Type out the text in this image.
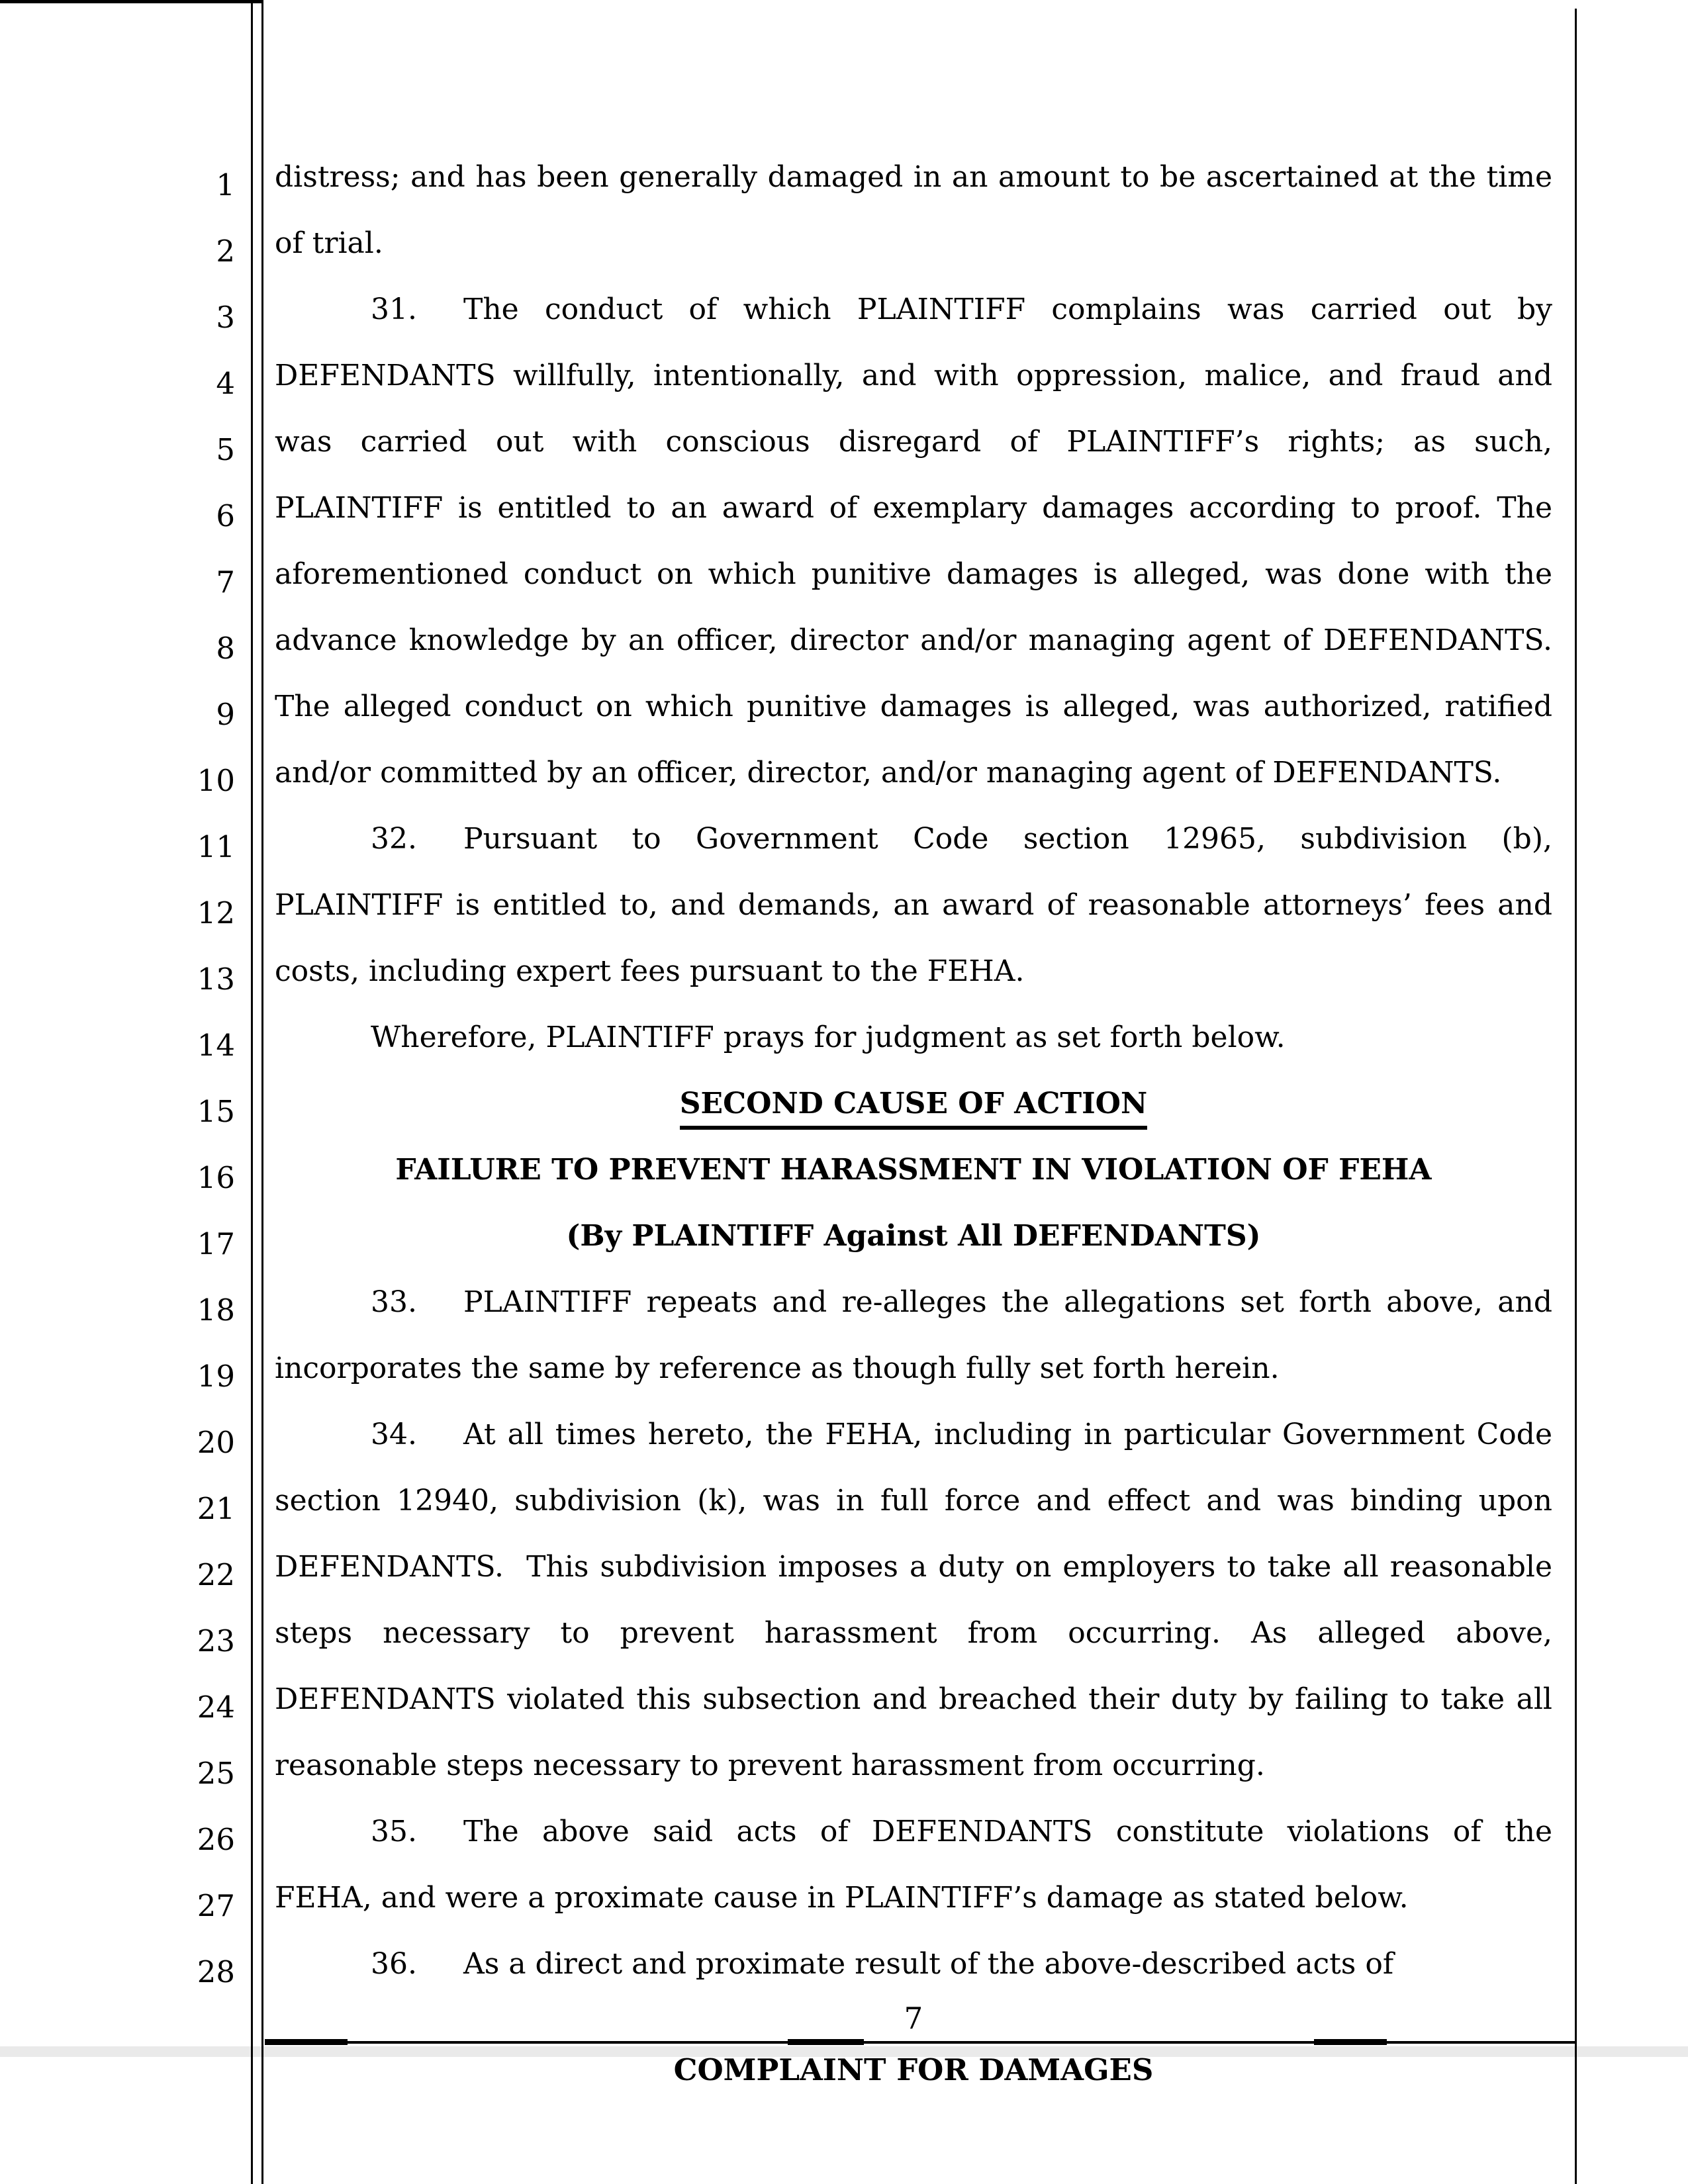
1
2
3
4
5
6
7
8
9
10
11
12
13
14
15
16
17
18
19
20
21
22
23
24
25
26
27
28
distress; and has been generally damaged in an amount to be ascertained at the time
of trial.
31. The conduct of which PLAINTIFF complains was carried out by
DEFENDANTS willfully, intentionally, and with oppression, malice, and fraud and
was carried out with conscious disregard of PLAINTIFF’s rights; as such,
PLAINTIFF is entitled to an award of exemplary damages according to proof. The
aforementioned conduct on which punitive damages is alleged, was done with the
advance knowledge by an officer, director and/or managing agent of DEFENDANTS.
The alleged conduct on which punitive damages is alleged, was authorized, ratified
and/or committed by an officer, director, and/or managing agent of DEFENDANTS.
32. Pursuant to Government Code section 12965, subdivision (b),
PLAINTIFF is entitled to, and demands, an award of reasonable attorneys’ fees and
costs, including expert fees pursuant to the FEHA.
Wherefore, PLAINTIFF prays for judgment as set forth below.
SECOND CAUSE OF ACTION
FAILURE TO PREVENT HARASSMENT IN VIOLATION OF FEHA
(By PLAINTIFF Against All DEFENDANTS)
33. PLAINTIFF repeats and re-alleges the allegations set forth above, and
incorporates the same by reference as though fully set forth herein.
34. At all times hereto, the FEHA, including in particular Government Code
section 12940, subdivision (k), was in full force and effect and was binding upon
DEFENDANTS.  This subdivision imposes a duty on employers to take all reasonable
steps necessary to prevent harassment from occurring. As alleged above,
DEFENDANTS violated this subsection and breached their duty by failing to take all
reasonable steps necessary to prevent harassment from occurring.
35. The above said acts of DEFENDANTS constitute violations of the
FEHA, and were a proximate cause in PLAINTIFF’s damage as stated below.
36. As a direct and proximate result of the above-described acts of
7
COMPLAINT FOR DAMAGES
